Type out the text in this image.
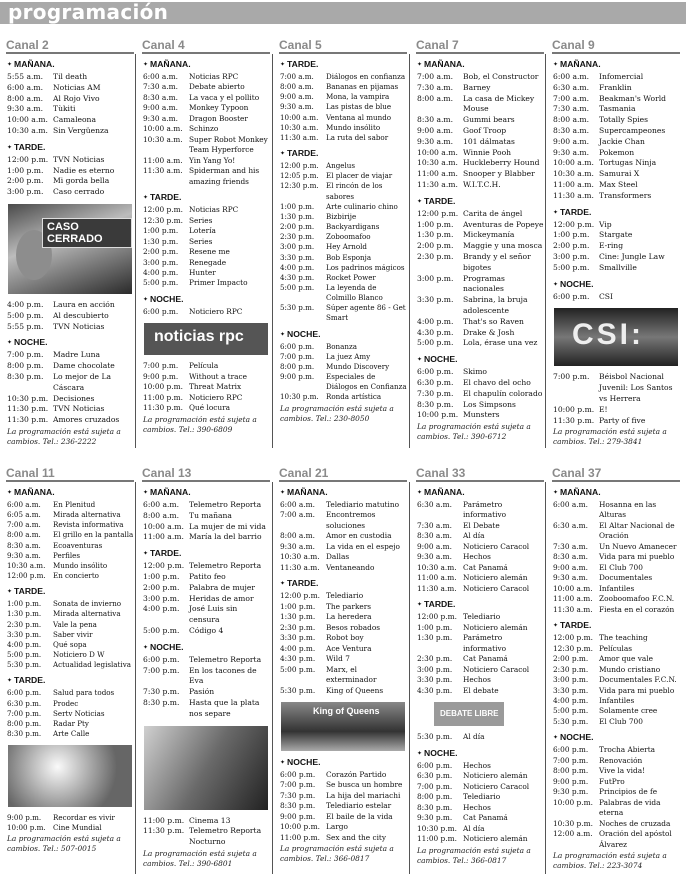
programación
Canal 2
✦ MAÑANA.
5:55 a.m.	Til death
6:00 a.m.	Noticias AM
8:00 a.m.	Al Rojo Vivo
9:30 a.m.	Tùkiti
10:00 a.m. Camaleona
10:30 a.m. Sin Vergüenza
✦ TARDE.
12:00 p.m. TVN Noticias
1:00 p.m.	Nadie es eterno
2:00 p.m.	Mi gorda bella
3:00 p.m.	Caso cerrado
CASO CERRADO
4:00 p.m.	Laura en acción
5:00 p.m.	Al descubierto
5:55 p.m.	TVN Noticias
✦ NOCHE.
7:00 p.m.	Madre Luna
8:00 p.m.	Dame chocolate
8:30 p.m.	Lo mejor de La Cáscara
10:30 p.m. Decisiones
11:30 p.m. TVN Noticias
11:30 p.m. Amores cruzados
La programación está sujeta a cambios. Tel.: 236-2222
Canal 4
✦ MAÑANA.
6:00 a.m.	Noticias RPC
7:30 a.m.	Debate abierto
8:30 a.m.	La vaca y el pollito
9:00 a.m.	Monkey Typoon
9:30 a.m.	Dragon Booster
10:00 a.m. Schinzo
10:30 a.m. Super Robot Monkey Team Hyperforce
11:00 a.m. Yin Yang Yo!
11:30 a.m. Spiderman and his amazing friends
✦ TARDE.
12:00 p.m. Noticias RPC
12:30 p.m. Series
1:00 p.m.	Lotería
1:30 p.m.	Series
2:00 p.m.	Resene me
3:00 p.m.	Renegade
4:00 p.m.	Hunter
5:00 p.m.	Primer Impacto
✦ NOCHE.
6:00 p.m.	Noticiero RPC
noticias rpc
7:00 p.m.	Película
9:00 p.m.	Without a trace
10:00 p.m. Threat Matrix
11:00 p.m. Noticiero RPC
11:30 p.m. Qué locura
La programación está sujeta a cambios. Tel.: 390-6809
Canal 5
✦ TARDE.
7:00 a.m.	Diálogos en confianza
8:00 a.m.	Bananas en pijamas
9:00 a.m.	Mona, la vampira
9:30 a.m.	Las pistas de blue
10:00 a.m.	Ventana al mundo
10:30 a.m.	Mundo insólito
11:30 a.m.	La ruta del sabor
✦ TARDE.
12:00 p.m.	Angelus
12:05 p.m.	El placer de viajar
12:30 p.m.	El rincón de los sabores
1:00 p.m.	Arte culinario chino
1:30 p.m.	Bizbirije
2:00 p.m.	Backyardigans
2:30 p.m.	Zoboomafoo
3:00 p.m.	Hey Arnold
3:30 p.m.	Bob Esponja
4:00 p.m.	Los padrinos mágicos
4:30 p.m.	Rocket Power
5:00 p.m.	La leyenda de Colmillo Blanco
5:30 p.m.	Súper agente 86 - Get Smart
✦ NOCHE.
6:00 p.m.	Bonanza
7:00 p.m.	La juez Amy
8:00 p.m.	Mundo Discovery
9:00 p.m.	Especiales de Diálogos en Confianza
10:30 p.m.	Ronda artística
La programación está sujeta a cambios. Tel.: 230-8050
Canal 7
✦ MAÑANA.
7:00 a.m.	Bob, el Constructor
7:30 a.m.	Barney
8:00 a.m.	La casa de Mickey Mouse
8:30 a.m.	Gummi bears
9:00 a.m.	Goof Troop
9:30 a.m.	101 dálmatas
10:00 a.m. Winnie Pooh
10:30 a.m. Huckleberry Hound
11:00 a.m. Snooper y Blabber
11:30 a.m. W.I.T.C.H.
✦ TARDE.
12:00 p.m. Carita de ángel
1:00 p.m.	Aventuras de Popeye
1:30 p.m.	Mickeymanía
2:00 p.m.	Maggie y una mosca
2:30 p.m.	Brandy y el señor bigotes
3:00 p.m.	Programas nacionales
3:30 p.m.	Sabrina, la bruja adolescente
4:00 p.m.	That's so Raven
4:30 p.m.	Drake & Josh
5:00 p.m.	Lola, érase una vez
✦ NOCHE.
6:00 p.m.	Skimo
6:30 p.m.	El chavo del ocho
7:30 p.m.	El chapulín colorado
8:30 p.m.	Los Simpsons
10:00 p.m. Munsters
La programación está sujeta a cambios. Tel.: 390-6712
Canal 9
✦ MAÑANA.
6:00 a.m.	Infomercial
6:30 a.m.	Franklin
7:00 a.m.	Beakman's World
7:30 a.m.	Tasmania
8:00 a.m.	Totally Spies
8:30 a.m.	Supercampeones
9:00 a.m.	Jackie Chan
9:30 a.m.	Pokemon
10:00 a.m. Tortugas Ninja
10:30 a.m. Samurai X
11:00 a.m. Max Steel
11:30 a.m. Transformers
✦ TARDE.
12:00 p.m. Vip
1:00 p.m.	Stargate
2:00 p.m.	E-ring
3:00 p.m.	Cine: Jungle Law
5:00 p.m.	Smallville
✦ NOCHE.
6:00 p.m.	CSI
CSI:
7:00 p.m.	Béisbol Nacional Juvenil: Los Santos vs Herrera
10:00 p.m. E!
11:30 p.m. Party of five
La programación está sujeta a cambios. Tel.: 279-3841
Canal 11
✦ MAÑANA.
6:00 a.m.	En Plenitud
6:05 a.m.	Mirada alternativa
7:00 a.m.	Revista informativa
8:00 a.m.	El grillo en la pantalla
8:30 a.m.	Ecoaventuras
9:30 a.m.	Perfiles
10:30 a.m.	Mundo insólito
12:00 p.m.	En concierto
✦ TARDE.
1:00 p.m.	Sonata de invierno
1:30 p.m.	Mirada alternativa
2:30 p.m.	Vale la pena
3:30 p.m.	Saber vivir
4:00 p.m.	Qué sopa
5:00 p.m.	Noticiero D W
5:30 p.m.	Actualidad legislativa
✦ TARDE.
6:00 p.m.	Salud para todos
6:30 p.m.	Prodec
7:00 p.m.	Sertv Noticias
8:00 p.m.	Radar Pty
8:30 p.m.	Arte Calle
9:00 p.m.	Recordar es vivir
10:00 p.m.	Cine Mundial
La programación está sujeta a cambios. Tel.: 507-0015
Canal 13
✦ MAÑANA.
6:00 a.m.	Telemetro Reporta
8:00 a.m.	Tu mañana
10:00 a.m. La mujer de mi vida
11:00 a.m. María la del barrio
✦ TARDE.
12:00 p.m. Telemetro Reporta
1:00 p.m.	Patito feo
2:00 p.m.	Palabra de mujer
3:00 p.m.	Heridas de amor
4:00 p.m.	José Luis sin censura
5:00 p.m.	Código 4
✦ NOCHE.
6:00 p.m.	Telemetro Reporta
7:00 p.m.	En los tacones de Eva
7:30 p.m.	Pasión
8:30 p.m.	Hasta que la plata nos separe
11:00 p.m. Cinema 13
11:30 p.m. Telemetro Reporta Nocturno
La programación está sujeta a cambios. Tel.: 390-6801
Canal 21
✦ MAÑANA.
6:00 a.m.	Telediario matutino
7:00 a.m.	Encontremos soluciones
8:00 a.m.	Amor en custodia
9:30 a.m.	La vida en el espejo
10:30 a.m. Dallas
11:30 a.m. Ventaneando
✦ TARDE.
12:00 p.m. Telediario
1:00 p.m.	The parkers
1:30 p.m.	La heredera
2:30 p.m.	Besos robados
3:30 p.m.	Robot boy
4:00 p.m.	Ace Ventura
4:30 p.m.	Wild 7
5:00 p.m.	Marx, el exterminador
5:30 p.m.	King of Queens
King of Queens
✦ NOCHE.
6:00 p.m.	Corazón Partido
7:00 p.m.	Se busca un hombre
7:30 p.m.	La hija del mariachi
8:30 p.m.	Telediario estelar
9:00 p.m.	El baile de la vida
10:00 p.m. Largo
11:00 p.m. Sex and the city
La programación está sujeta a cambios. Tel.: 366-0817
Canal 33
✦ MAÑANA.
6:30 a.m.	Parámetro informativo
7:30 a.m.	El Debate
8:30 a.m.	Al día
9:00 a.m.	Noticiero Caracol
9:30 a.m.	Hechos
10:30 a.m. Cat Panamá
11:00 a.m. Noticiero alemán
11:30 a.m. Noticiero Caracol
✦ TARDE.
12:00 p.m. Telediario
1:00 p.m.	Noticiero alemán
1:30 p.m.	Parámetro informativo
2:30 p.m.	Cat Panamá
3:00 p.m.	Noticiero Caracol
3:30 p.m.	Hechos
4:30 p.m.	El debate
DEBATE LIBRE
5:30 p.m.	Al día
✦ NOCHE.
6:00 p.m.	Hechos
6:30 p.m.	Noticiero alemán
7:00 p.m.	Noticiero Caracol
8:00 p.m.	Telediario
8:30 p.m.	Hechos
9:30 p.m.	Cat Panamá
10:30 p.m. Al día
11:00 p.m. Noticiero alemán
La programación está sujeta a cambios. Tel.: 366-0817
Canal 37
✦ MAÑANA.
6:00 a.m.	Hosanna en las Alturas
6:30 a.m.	El Altar Nacional de Oración
7:30 a.m.	Un Nuevo Amanecer
8:30 a.m.	Vida para mi pueblo
9:00 a.m.	El Club 700
9:30 a.m.	Documentales
10:00 a.m. Infantiles
11:00 a.m. Zooboomafoo F.C.N.
11:30 a.m. Fiesta en el corazón
✦ TARDE.
12:00 p.m. The teaching
12:30 p.m. Películas
2:00 p.m.	Amor que vale
2:30 p.m.	Mundo cristiano
3:00 p.m.	Documentales F.C.N.
3:30 p.m.	Vida para mi pueblo
4:00 p.m.	Infantiles
5:00 p.m.	Solamente cree
5:30 p.m.	El Club 700
✦ NOCHE.
6:00 p.m.	Trocha Abierta
7:00 p.m.	Renovación
8:00 p.m.	Vive la vida!
9:00 p.m.	FutPro
9:30 p.m.	Principios de fe
10:00 p.m. Palabras de vida eterna
10:30 p.m. Noches de cruzada
12:00 a.m. Oración del apóstol Álvarez
La programación está sujeta a cambios. Tel.: 223-3074
